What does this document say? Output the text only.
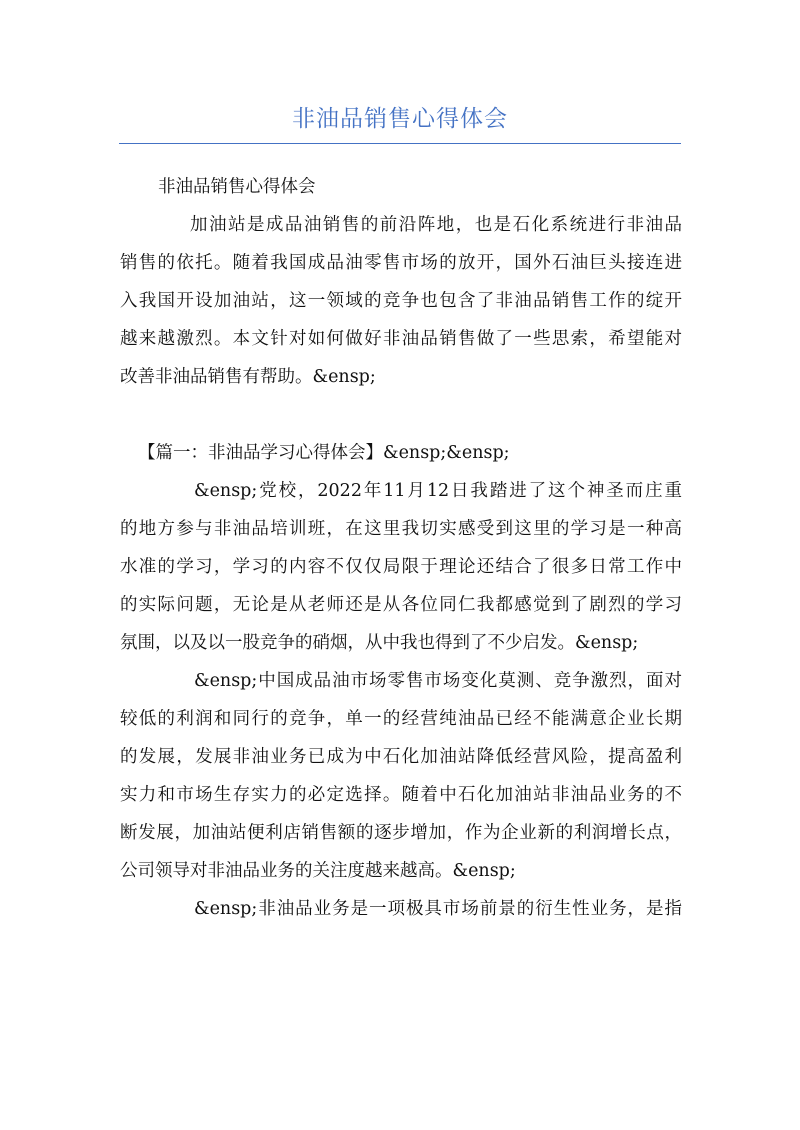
非油品销售心得体会
非油品销售心得体会
加油站是成品油销售的前沿阵地，也是石化系统进行非油品
销售的依托。随着我国成品油零售市场的放开，国外石油巨头接连进
入我国开设加油站，这一领域的竞争也包含了非油品销售工作的绽开
越来越激烈。本文针对如何做好非油品销售做了一些思索，希望能对
改善非油品销售有帮助。&ensp;
【篇一：非油品学习心得体会】&ensp;&ensp;
&ensp;党校，2022年11月12日我踏进了这个神圣而庄重
的地方参与非油品培训班，在这里我切实感受到这里的学习是一种高
水准的学习，学习的内容不仅仅局限于理论还结合了很多日常工作中
的实际问题，无论是从老师还是从各位同仁我都感觉到了剧烈的学习
氛围，以及以一股竞争的硝烟，从中我也得到了不少启发。&ensp;
&ensp;中国成品油市场零售市场变化莫测、竞争激烈，面对
较低的利润和同行的竞争，单一的经营纯油品已经不能满意企业长期
的发展，发展非油业务已成为中石化加油站降低经营风险，提高盈利
实力和市场生存实力的必定选择。随着中石化加油站非油品业务的不
断发展，加油站便利店销售额的逐步增加，作为企业新的利润增长点，
公司领导对非油品业务的关注度越来越高。&ensp;
&ensp;非油品业务是一项极具市场前景的衍生性业务，是指
